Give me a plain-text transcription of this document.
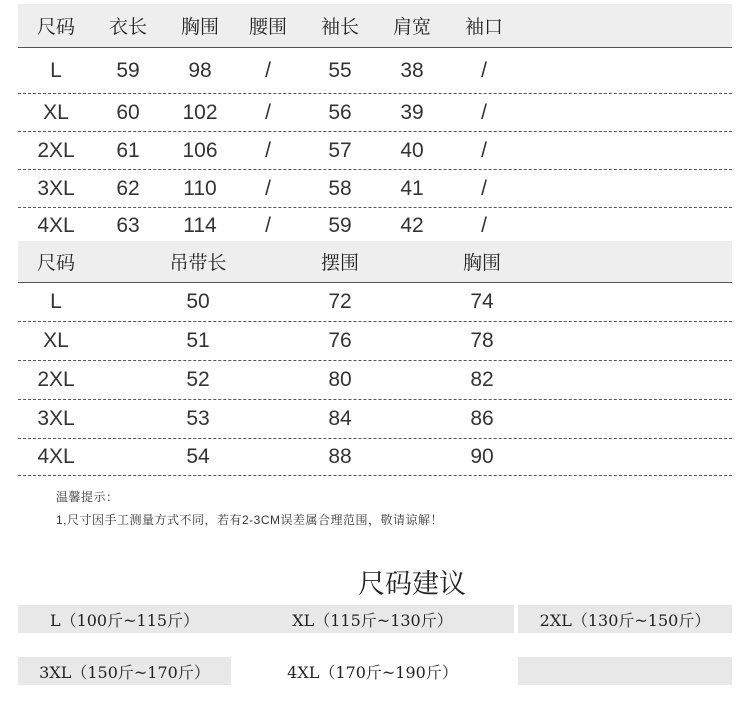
尺码	衣长	胸围	腰围	袖长	肩宽	袖口
L	59	98	/	55	38	/
XL	60	102	/	56	39	/
2XL	61	106	/	57	40	/
3XL	62	110	/	58	41	/
4XL	63	114	/	59	42	/
尺码	吊带长	摆围	胸围
L	50	72	74
XL	51	76	78
2XL	52	80	82
3XL	53	84	86
4XL	54	88	90
温馨提示：
1,尺寸因手工测量方式不同，若有2-3CM误差属合理范围，敬请谅解！
尺码建议
L（100斤~115斤）	XL（115斤~130斤）	2XL（130斤~150斤）
3XL（150斤~170斤）	4XL（170斤~190斤）
